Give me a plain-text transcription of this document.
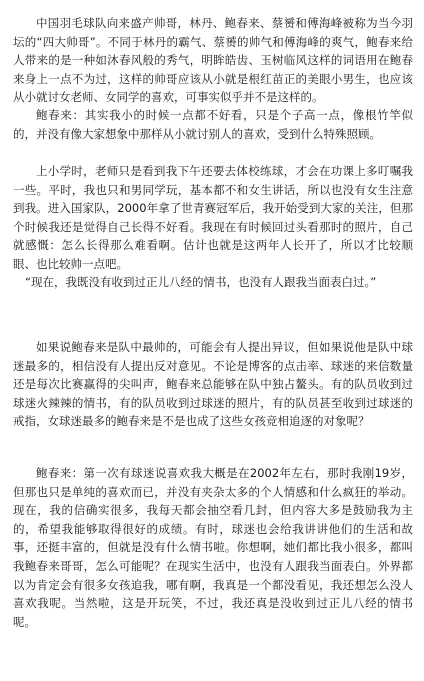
中国羽毛球队向来盛产帅哥，林丹、鲍春来、蔡赟和傅海峰被称为当今羽坛的“四大帅哥”。不同于林丹的霸气、蔡赟的帅气和傅海峰的爽气，鲍春来给人带来的是一种如沐春风般的秀气，明眸皓齿、玉树临风这样的词语用在鲍春来身上一点不为过，这样的帅哥应该从小就是根红苗正的美眼小男生，也应该从小就讨女老师、女同学的喜欢，可事实似乎并不是这样的。

鲍春来：其实我小的时候一点都不好看，只是个子高一点，像根竹竿似的，并没有像大家想象中那样从小就讨别人的喜欢，受到什么特殊照顾。

上小学时，老师只是看到我下午还要去体校练球，才会在功课上多叮嘱我一些。平时，我也只和男同学玩，基本都不和女生讲话，所以也没有女生注意到我。进入国家队，2000年拿了世青赛冠军后，我开始受到大家的关注，但那个时候我还是觉得自己长得不好看。我现在有时候回过头看那时的照片，自己就感慨：怎么长得那么难看啊。估计也就是这两年人长开了，所以才比较顺眼、也比较帅一点吧。

“现在，我既没有收到过正儿八经的情书，也没有人跟我当面表白过。”

如果说鲍春来是队中最帅的，可能会有人提出异议，但如果说他是队中球迷最多的，相信没有人提出反对意见。不论是博客的点击率、球迷的来信数量还是每次比赛赢得的尖叫声，鲍春来总能够在队中独占鳌头。有的队员收到过球迷火辣辣的情书，有的队员收到过球迷的照片，有的队员甚至收到过球迷的戒指，女球迷最多的鲍春来是不是也成了这些女孩竞相追逐的对象呢？

鲍春来：第一次有球迷说喜欢我大概是在2002年左右，那时我刚19岁，但那也只是单纯的喜欢而已，并没有夹杂太多的个人情感和什么疯狂的举动。现在，我的信确实很多，我每天都会抽空看几封，但内容大多是鼓励我为主的，希望我能够取得很好的成绩。有时，球迷也会给我讲讲他们的生活和故事，还挺丰富的，但就是没有什么情书啦。你想啊，她们都比我小很多，都叫我鲍春来哥哥，怎么可能呢？在现实生活中，也没有人跟我当面表白。外界都以为肯定会有很多女孩追我，哪有啊，我真是一个都没看见，我还想怎么没人喜欢我呢。当然啦，这是开玩笑，不过，我还真是没收到过正儿八经的情书呢。
